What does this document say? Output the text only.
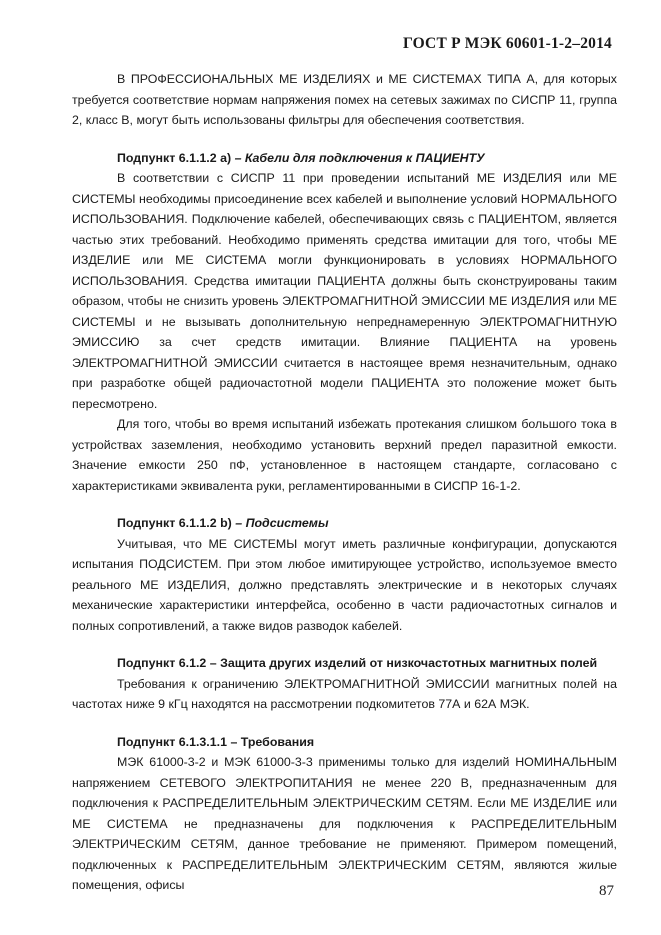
ГОСТ Р МЭК 60601-1-2–2014

В ПРОФЕССИОНАЛЬНЫХ МЕ ИЗДЕЛИЯХ и МЕ СИСТЕМАХ ТИПА А, для которых требуется соответствие нормам напряжения помех на сетевых зажимах по СИСПР 11, группа 2, класс В, могут быть использованы фильтры для обеспечения соответствия.

Подпункт 6.1.1.2 а) – Кабели для подключения к ПАЦИЕНТУ

В соответствии с СИСПР 11 при проведении испытаний МЕ ИЗДЕЛИЯ или МЕ СИСТЕМЫ необходимы присоединение всех кабелей и выполнение условий НОРМАЛЬНОГО ИСПОЛЬЗОВАНИЯ. Подключение кабелей, обеспечивающих связь с ПАЦИЕНТОМ, является частью этих требований. Необходимо применять средства имитации для того, чтобы МЕ ИЗДЕЛИЕ или МЕ СИСТЕМА могли функционировать в условиях НОРМАЛЬНОГО ИСПОЛЬЗОВАНИЯ. Средства имитации ПАЦИЕНТА должны быть сконструированы таким образом, чтобы не снизить уровень ЭЛЕКТРОМАГНИТНОЙ ЭМИССИИ МЕ ИЗДЕЛИЯ или МЕ СИСТЕМЫ и не вызывать дополнительную непреднамеренную ЭЛЕКТРОМАГНИТНУЮ ЭМИССИЮ за счет средств имитации. Влияние ПАЦИЕНТА на уровень ЭЛЕКТРОМАГНИТНОЙ ЭМИССИИ считается в настоящее время незначительным, однако при разработке общей радиочастотной модели ПАЦИЕНТА это положение может быть пересмотрено.

Для того, чтобы во время испытаний избежать протекания слишком большого тока в устройствах заземления, необходимо установить верхний предел паразитной емкости. Значение емкости 250 пФ, установленное в настоящем стандарте, согласовано с характеристиками эквивалента руки, регламентированными в СИСПР 16-1-2.

Подпункт 6.1.1.2 b) – Подсистемы

Учитывая, что МЕ СИСТЕМЫ могут иметь различные конфигурации, допускаются испытания ПОДСИСТЕМ. При этом любое имитирующее устройство, используемое вместо реального МЕ ИЗДЕЛИЯ, должно представлять электрические и в некоторых случаях механические характеристики интерфейса, особенно в части радиочастотных сигналов и полных сопротивлений, а также видов разводок кабелей.

Подпункт 6.1.2 – Защита других изделий от низкочастотных магнитных полей

Требования к ограничению ЭЛЕКТРОМАГНИТНОЙ ЭМИССИИ магнитных полей на частотах ниже 9 кГц находятся на рассмотрении подкомитетов 77А и 62А МЭК.

Подпункт 6.1.3.1.1 – Требования

МЭК 61000-3-2 и МЭК 61000-3-3 применимы только для изделий НОМИНАЛЬНЫМ напряжением СЕТЕВОГО ЭЛЕКТРОПИТАНИЯ не менее 220 В, предназначенным для подключения к РАСПРЕДЕЛИТЕЛЬНЫМ ЭЛЕКТРИЧЕСКИМ СЕТЯМ. Если МЕ ИЗДЕЛИЕ или МЕ СИСТЕМА не предназначены для подключения к РАСПРЕДЕЛИТЕЛЬНЫМ ЭЛЕКТРИЧЕСКИМ СЕТЯМ, данное требование не применяют. Примером помещений, подключенных к РАСПРЕДЕЛИТЕЛЬНЫМ ЭЛЕКТРИЧЕСКИМ СЕТЯМ, являются жилые помещения, офисы	87
